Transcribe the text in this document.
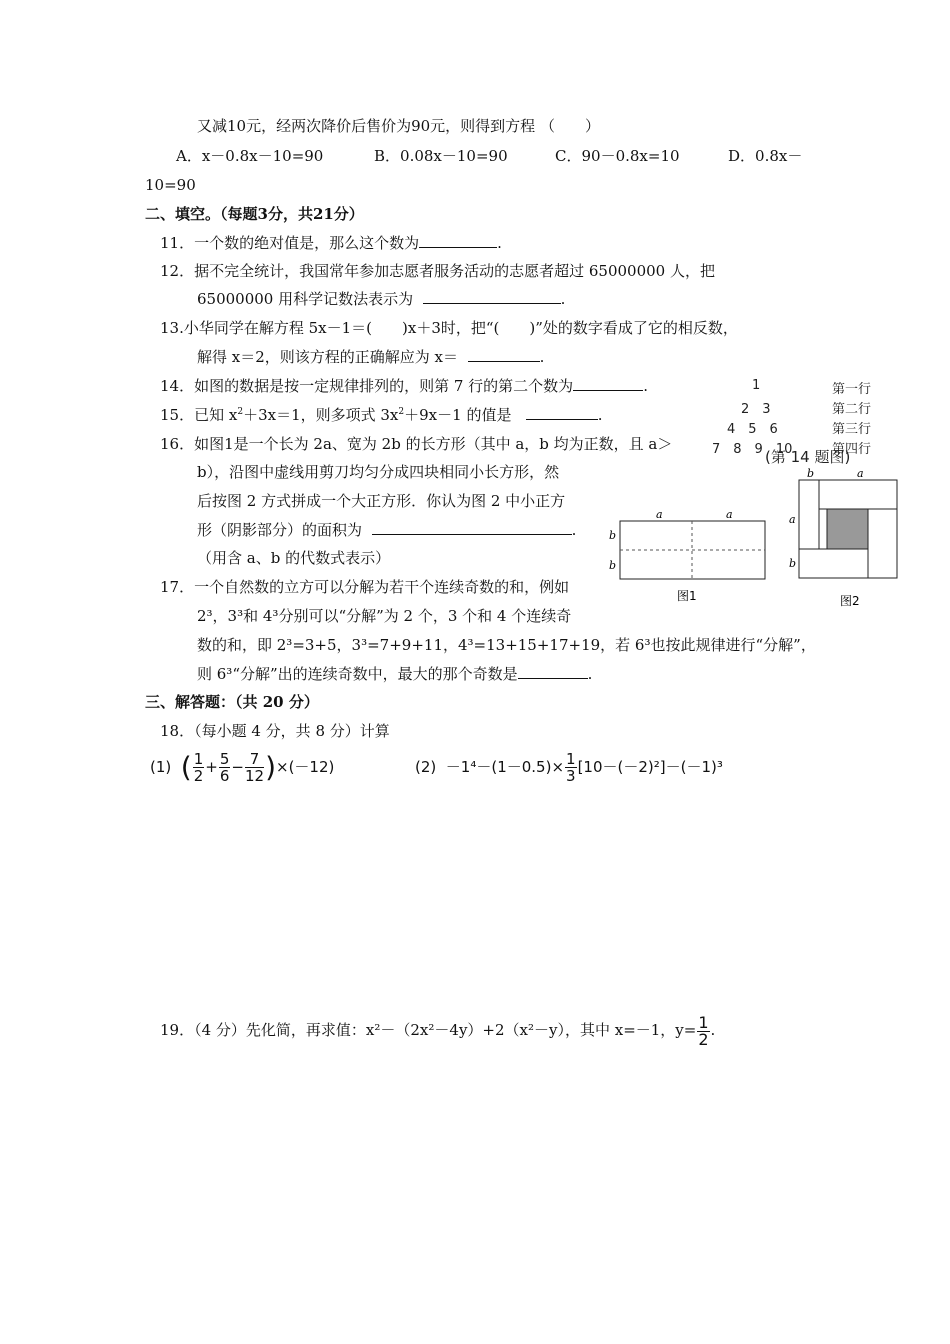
又减10元，经两次降价后售价为90元，则得到方程 （　　）
A．x－0.8x－10=90	B．0.08x－10=90	C．90－0.8x=10	D．0.8x－
10=90
二、填空。（每题3分，共21分）
11．一个数的绝对值是，那么这个数为	.
12．据不完全统计，我国常年参加志愿者服务活动的志愿者超过 65000000 人，把
65000000 用科学记数法表示为	.
13.小华同学在解方程 5x－1＝(　　)x＋3时，把“(　　)”处的数字看成了它的相反数，
解得 x＝2，则该方程的正确解应为 x＝	.
14．如图的数据是按一定规律排列的，则第 7 行的第二个数为	.
15．已知 $x^2+3x=1$，则多项式 $3x^2+9x-1$ 的值是	.
16．如图1是一个长为 2a、宽为 2b 的长方形（其中 a，b 均为正数，且 a＞
b），沿图中虚线用剪刀均匀分成四块相同小长方形，然
后按图 2 方式拼成一个大正方形．你认为图 2 中小正方
形（阴影部分）的面积为	.
（用含 a、b 的代数式表示）
17．一个自然数的立方可以分解为若干个连续奇数的和，例如
2³，3³和 4³分别可以“分解”为 2 个，3 个和 4 个连续奇
数的和，即 2³=3+5，3³=7+9+11，4³=13+15+17+19，若 6³也按此规律进行“分解”，
则 6³“分解”出的连续奇数中，最大的那个奇数是	.
1
2　3
4　5　6
7　8　9　10
第一行
第二行
第三行
第四行
(第 14 题图)
a	a
b
b
图1
b	a
a
b
图2
三、解答题：（共 20 分）
18．（每小题 4 分，共 8 分）计算
(1) ( $\frac{1}{2} + \frac{5}{6} - \frac{7}{12} )\times(-12)$	$(2) -1^4-(1-0.5)\times \frac{1}{3} [10-(-2)^2]-(-1)^3$
19．（4 分）先化简，再求值：x²－（2x²－4y）+2（x²－y），其中 x=－1，$y= \frac{1}{2}$ .
